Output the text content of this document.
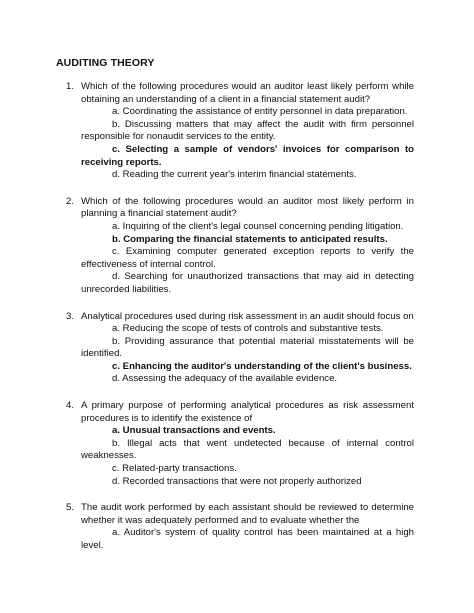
AUDITING THEORY
1. Which of the following procedures would an auditor least likely perform while obtaining an understanding of a client in a financial statement audit?
a. Coordinating the assistance of entity personnel in data preparation.
b. Discussing matters that may affect the audit with firm personnel responsible for nonaudit services to the entity.
c. Selecting a sample of vendors' invoices for comparison to receiving reports.
d. Reading the current year's interim financial statements.
2. Which of the following procedures would an auditor most likely perform in planning a financial statement audit?
a. Inquiring of the client's legal counsel concerning pending litigation.
b. Comparing the financial statements to anticipated results.
c. Examining computer generated exception reports to verify the effectiveness of internal control.
d. Searching for unauthorized transactions that may aid in detecting unrecorded liabilities.
3. Analytical procedures used during risk assessment in an audit should focus on
a. Reducing the scope of tests of controls and substantive tests.
b. Providing assurance that potential material misstatements will be identified.
c. Enhancing the auditor's understanding of the client's business.
d. Assessing the adequacy of the available evidence.
4. A primary purpose of performing analytical procedures as risk assessment procedures is to identify the existence of
a. Unusual transactions and events.
b. Illegal acts that went undetected because of internal control weaknesses.
c. Related-party transactions.
d. Recorded transactions that were not properly authorized
5. The audit work performed by each assistant should be reviewed to determine whether it was adequately performed and to evaluate whether the
a. Auditor's system of quality control has been maintained at a high level.
